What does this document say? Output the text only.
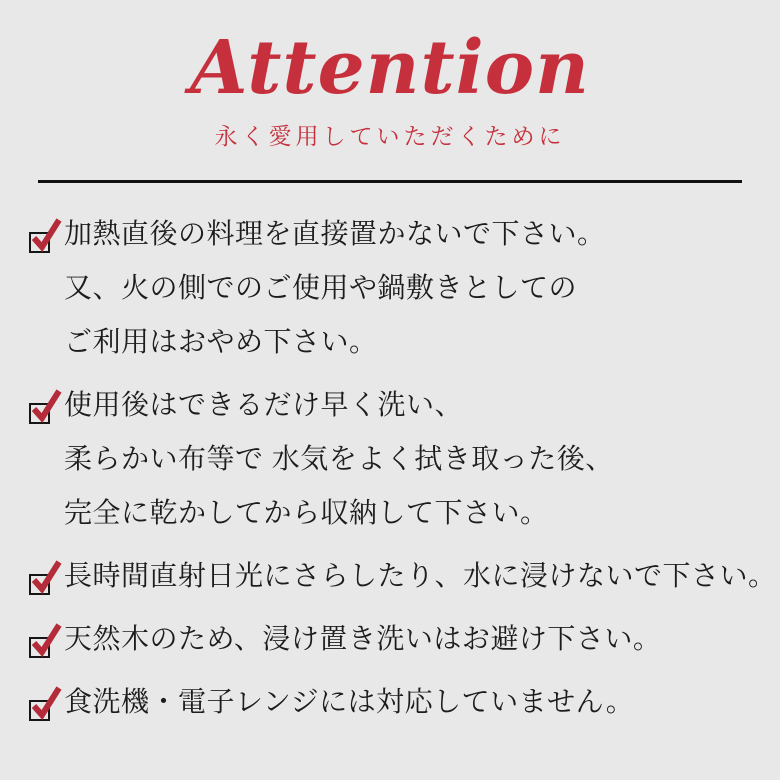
Attention

永く愛用していただくために

加熱直後の料理を直接置かないで下さい。
又、火の側でのご使用や鍋敷きとしての
ご利用はおやめ下さい。
使用後はできるだけ早く洗い、
柔らかい布等で 水気をよく拭き取った後、
完全に乾かしてから収納して下さい。
長時間直射日光にさらしたり、水に浸けないで下さい。
天然木のため、浸け置き洗いはお避け下さい。
食洗機・電子レンジには対応していません。
